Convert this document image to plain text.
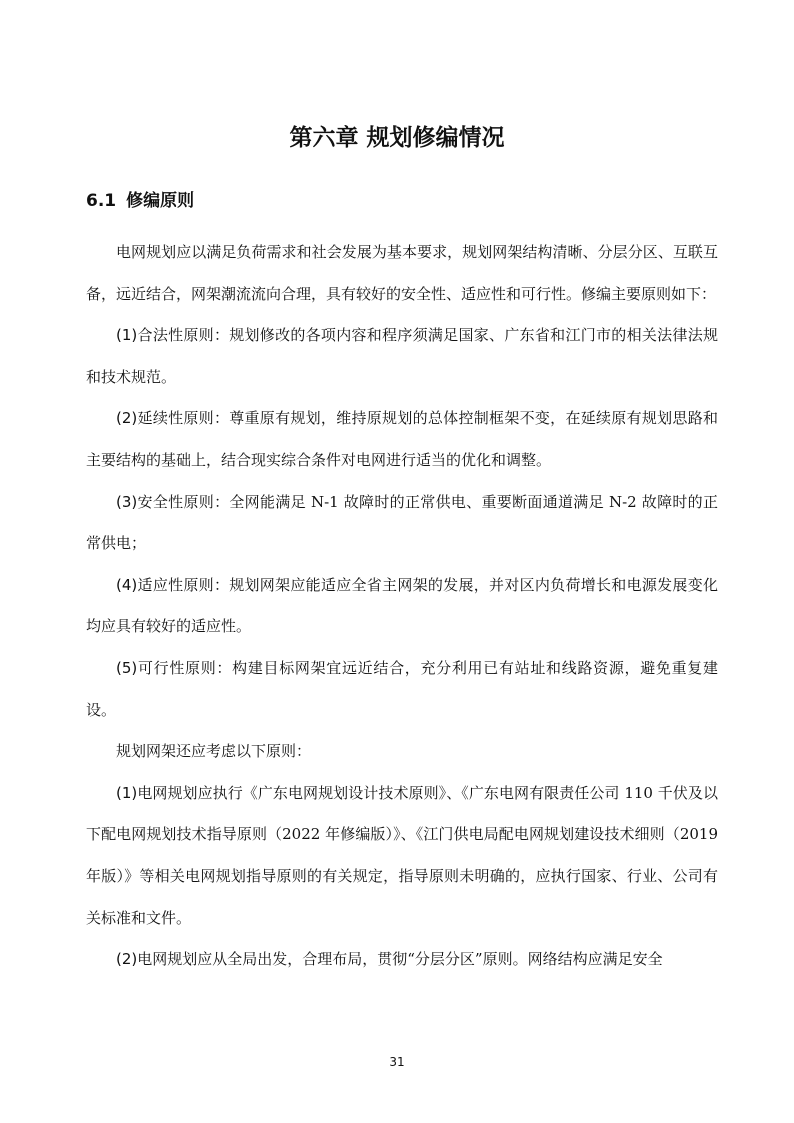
第六章 规划修编情况
6.1 修编原则

电网规划应以满足负荷需求和社会发展为基本要求，规划网架结构清晰、分层分区、互联互备，远近结合，网架潮流流向合理，具有较好的安全性、适应性和可行性。修编主要原则如下：

(1)合法性原则：规划修改的各项内容和程序须满足国家、广东省和江门市的相关法律法规和技术规范。

(2)延续性原则：尊重原有规划，维持原规划的总体控制框架不变，在延续原有规划思路和主要结构的基础上，结合现实综合条件对电网进行适当的优化和调整。

(3)安全性原则：全网能满足 N-1 故障时的正常供电、重要断面通道满足 N-2 故障时的正常供电；

(4)适应性原则：规划网架应能适应全省主网架的发展，并对区内负荷增长和电源发展变化均应具有较好的适应性。

(5)可行性原则：构建目标网架宜远近结合，充分利用已有站址和线路资源，避免重复建设。

规划网架还应考虑以下原则：

(1)电网规划应执行《广东电网规划设计技术原则》、《广东电网有限责任公司 110 千伏及以下配电网规划技术指导原则（2022 年修编版）》、《江门供电局配电网规划建设技术细则（2019 年版）》等相关电网规划指导原则的有关规定，指导原则未明确的，应执行国家、行业、公司有关标准和文件。

(2)电网规划应从全局出发，合理布局，贯彻“分层分区”原则。网络结构应满足安全

31
